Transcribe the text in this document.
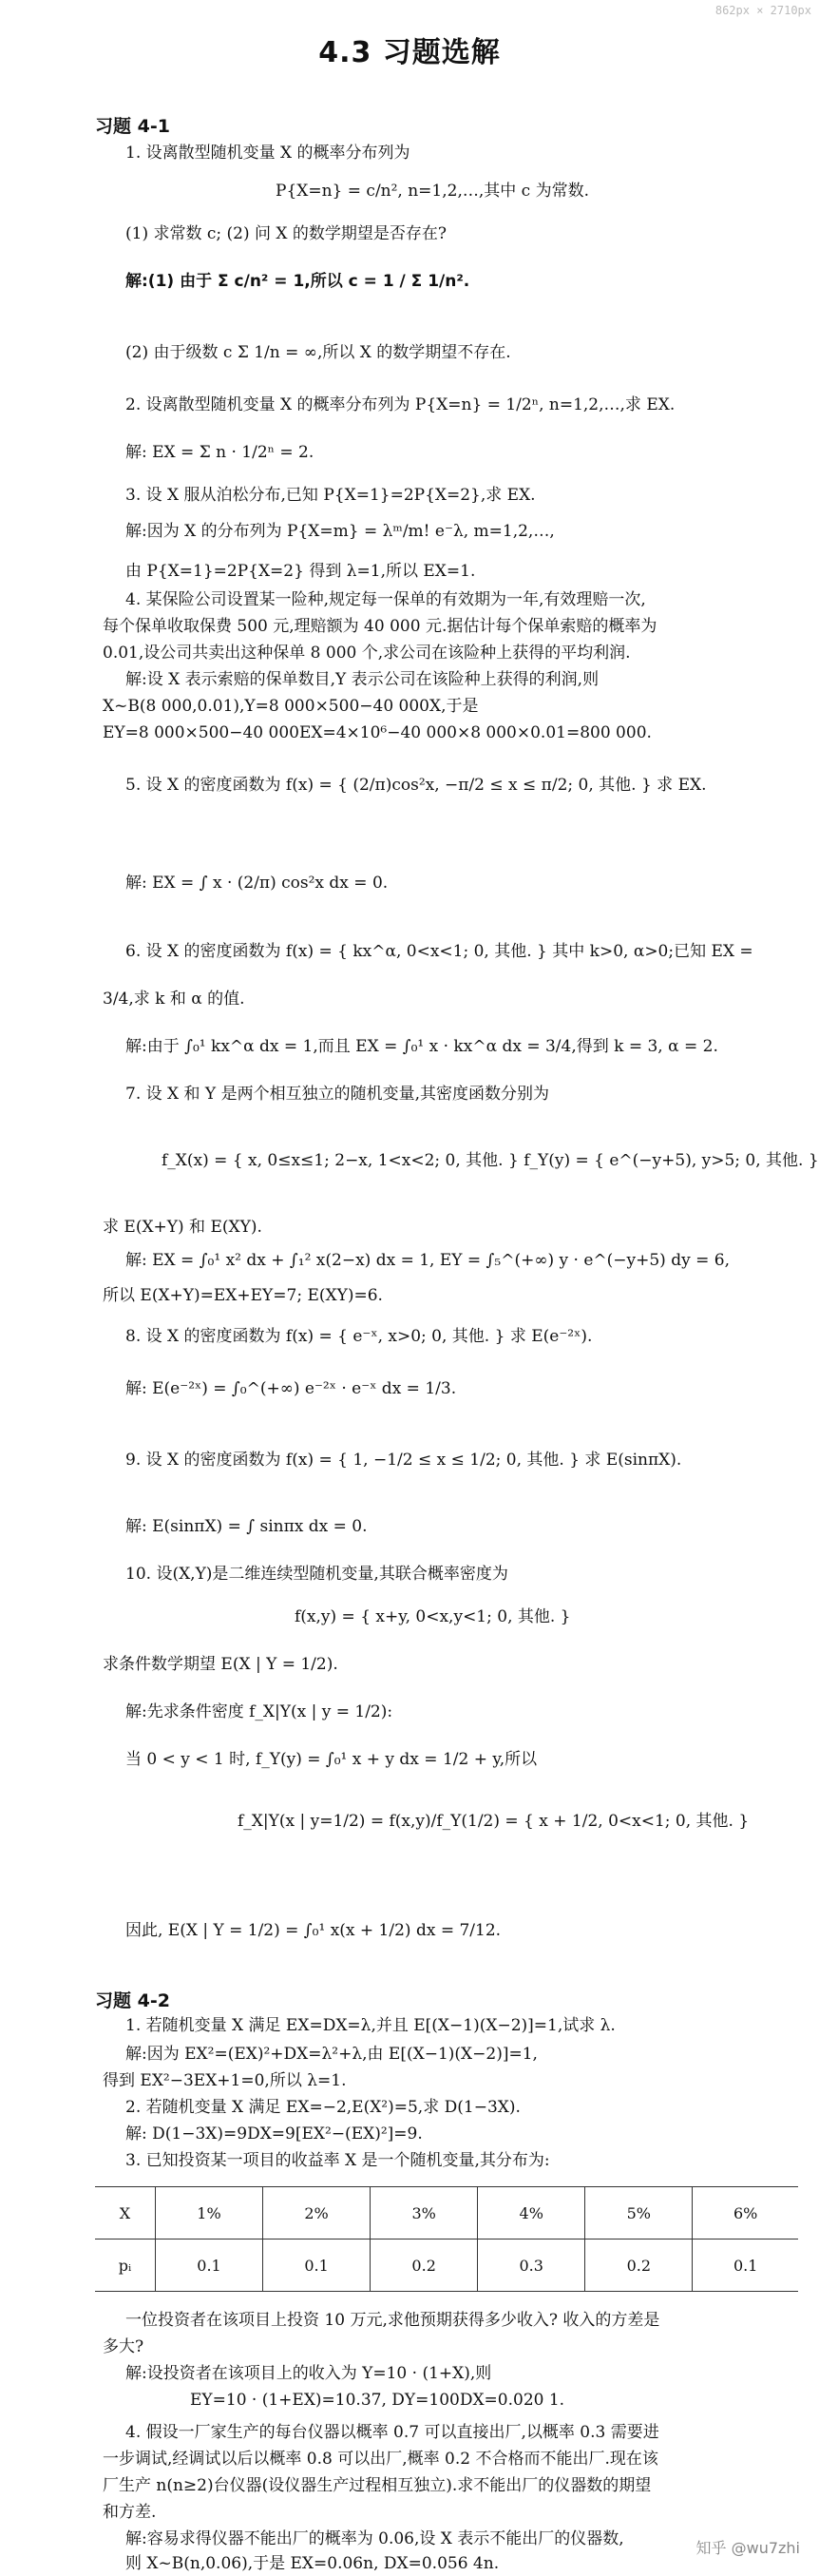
862px × 2710px
4.3 习题选解
习题 4-1
1. 设离散型随机变量 X 的概率分布列为
P{X=n} = c/n², n=1,2,…,其中 c 为常数.
(1) 求常数 c; (2) 问 X 的数学期望是否存在?
解:(1) 由于 Σ c/n² = 1,所以 c = 1 / Σ 1/n².
(2) 由于级数 c Σ 1/n = ∞,所以 X 的数学期望不存在.
2. 设离散型随机变量 X 的概率分布列为 P{X=n} = 1/2ⁿ, n=1,2,…,求 EX.
解: EX = Σ n · 1/2ⁿ = 2.
3. 设 X 服从泊松分布,已知 P{X=1}=2P{X=2},求 EX.
解:因为 X 的分布列为 P{X=m} = λᵐ/m! e⁻λ, m=1,2,…,
由 P{X=1}=2P{X=2} 得到 λ=1,所以 EX=1.
4. 某保险公司设置某一险种,规定每一保单的有效期为一年,有效理赔一次,
每个保单收取保费 500 元,理赔额为 40 000 元.据估计每个保单索赔的概率为
0.01,设公司共卖出这种保单 8 000 个,求公司在该险种上获得的平均利润.
解:设 X 表示索赔的保单数目,Y 表示公司在该险种上获得的利润,则
X~B(8 000,0.01),Y=8 000×500−40 000X,于是
EY=8 000×500−40 000EX=4×10⁶−40 000×8 000×0.01=800 000.
5. 设 X 的密度函数为 f(x) = { (2/π)cos²x, −π/2 ≤ x ≤ π/2; 0, 其他. } 求 EX.
解: EX = ∫ x · (2/π) cos²x dx = 0.
6. 设 X 的密度函数为 f(x) = { kx^α, 0<x<1; 0, 其他. } 其中 k>0, α>0;已知 EX =
3/4,求 k 和 α 的值.
解:由于 ∫₀¹ kx^α dx = 1,而且 EX = ∫₀¹ x · kx^α dx = 3/4,得到 k = 3, α = 2.
7. 设 X 和 Y 是两个相互独立的随机变量,其密度函数分别为
f_X(x) = { x, 0≤x≤1; 2−x, 1<x<2; 0, 其他. } f_Y(y) = { e^(−y+5), y>5; 0, 其他. }
求 E(X+Y) 和 E(XY).
解: EX = ∫₀¹ x² dx + ∫₁² x(2−x) dx = 1, EY = ∫₅^(+∞) y · e^(−y+5) dy = 6,
所以 E(X+Y)=EX+EY=7; E(XY)=6.
8. 设 X 的密度函数为 f(x) = { e⁻ˣ, x>0; 0, 其他. } 求 E(e⁻²ˣ).
解: E(e⁻²ˣ) = ∫₀^(+∞) e⁻²ˣ · e⁻ˣ dx = 1/3.
9. 设 X 的密度函数为 f(x) = { 1, −1/2 ≤ x ≤ 1/2; 0, 其他. } 求 E(sinπX).
解: E(sinπX) = ∫ sinπx dx = 0.
10. 设(X,Y)是二维连续型随机变量,其联合概率密度为
f(x,y) = { x+y, 0<x,y<1; 0, 其他. }
求条件数学期望 E(X | Y = 1/2).
解:先求条件密度 f_X|Y(x | y = 1/2):
当 0 < y < 1 时, f_Y(y) = ∫₀¹ x + y dx = 1/2 + y,所以
f_X|Y(x | y=1/2) = f(x,y)/f_Y(1/2) = { x + 1/2, 0<x<1; 0, 其他. }
因此, E(X | Y = 1/2) = ∫₀¹ x(x + 1/2) dx = 7/12.
习题 4-2
1. 若随机变量 X 满足 EX=DX=λ,并且 E[(X−1)(X−2)]=1,试求 λ.
解:因为 EX²=(EX)²+DX=λ²+λ,由 E[(X−1)(X−2)]=1,
得到 EX²−3EX+1=0,所以 λ=1.
2. 若随机变量 X 满足 EX=−2,E(X²)=5,求 D(1−3X).
解: D(1−3X)=9DX=9[EX²−(EX)²]=9.
3. 已知投资某一项目的收益率 X 是一个随机变量,其分布为:
X	1%	2%	3%	4%	5%	6%
pᵢ	0.1	0.1	0.2	0.3	0.2	0.1
一位投资者在该项目上投资 10 万元,求他预期获得多少收入? 收入的方差是
多大?
解:设投资者在该项目上的收入为 Y=10 · (1+X),则
EY=10 · (1+EX)=10.37, DY=100DX=0.020 1.
4. 假设一厂家生产的每台仪器以概率 0.7 可以直接出厂,以概率 0.3 需要进
一步调试,经调试以后以概率 0.8 可以出厂,概率 0.2 不合格而不能出厂.现在该
厂生产 n(n≥2)台仪器(设仪器生产过程相互独立).求不能出厂的仪器数的期望
和方差.
解:容易求得仪器不能出厂的概率为 0.06,设 X 表示不能出厂的仪器数,
则 X~B(n,0.06),于是 EX=0.06n, DX=0.056 4n.
知乎 @wu7zhi
